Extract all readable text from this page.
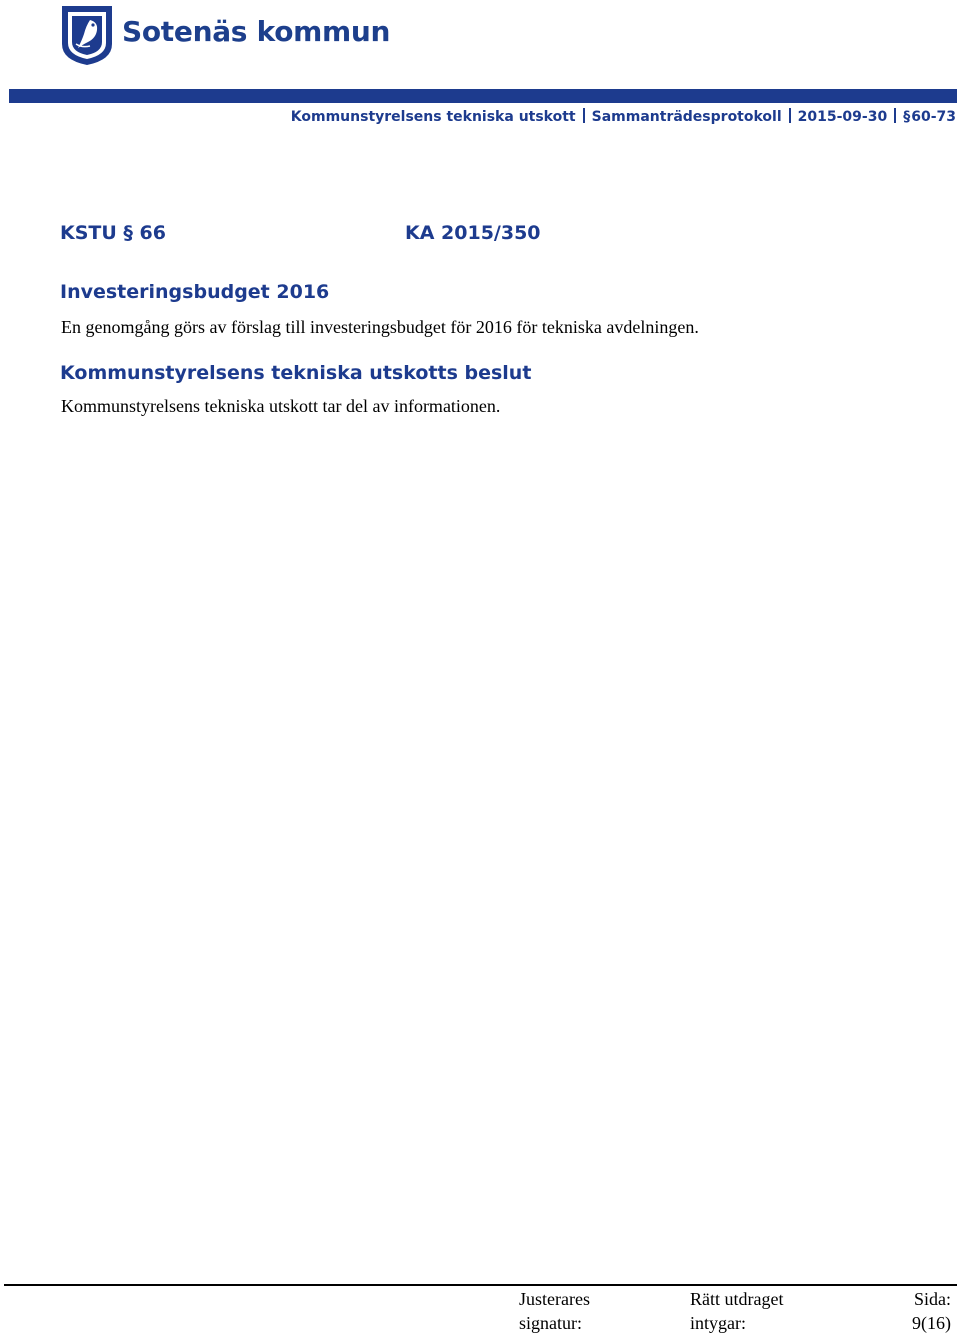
Sotenäs kommun
Kommunstyrelsens tekniska utskott Sammanträdesprotokoll 2015-09-30 §60-73
KSTU § 66	KA 2015/350
Investeringsbudget 2016
En genomgång görs av förslag till investeringsbudget för 2016 för tekniska avdelningen.
Kommunstyrelsens tekniska utskotts beslut
Kommunstyrelsens tekniska utskott tar del av informationen.
Justerares
signatur:
Rätt utdraget
intygar:
Sida:
9(16)
